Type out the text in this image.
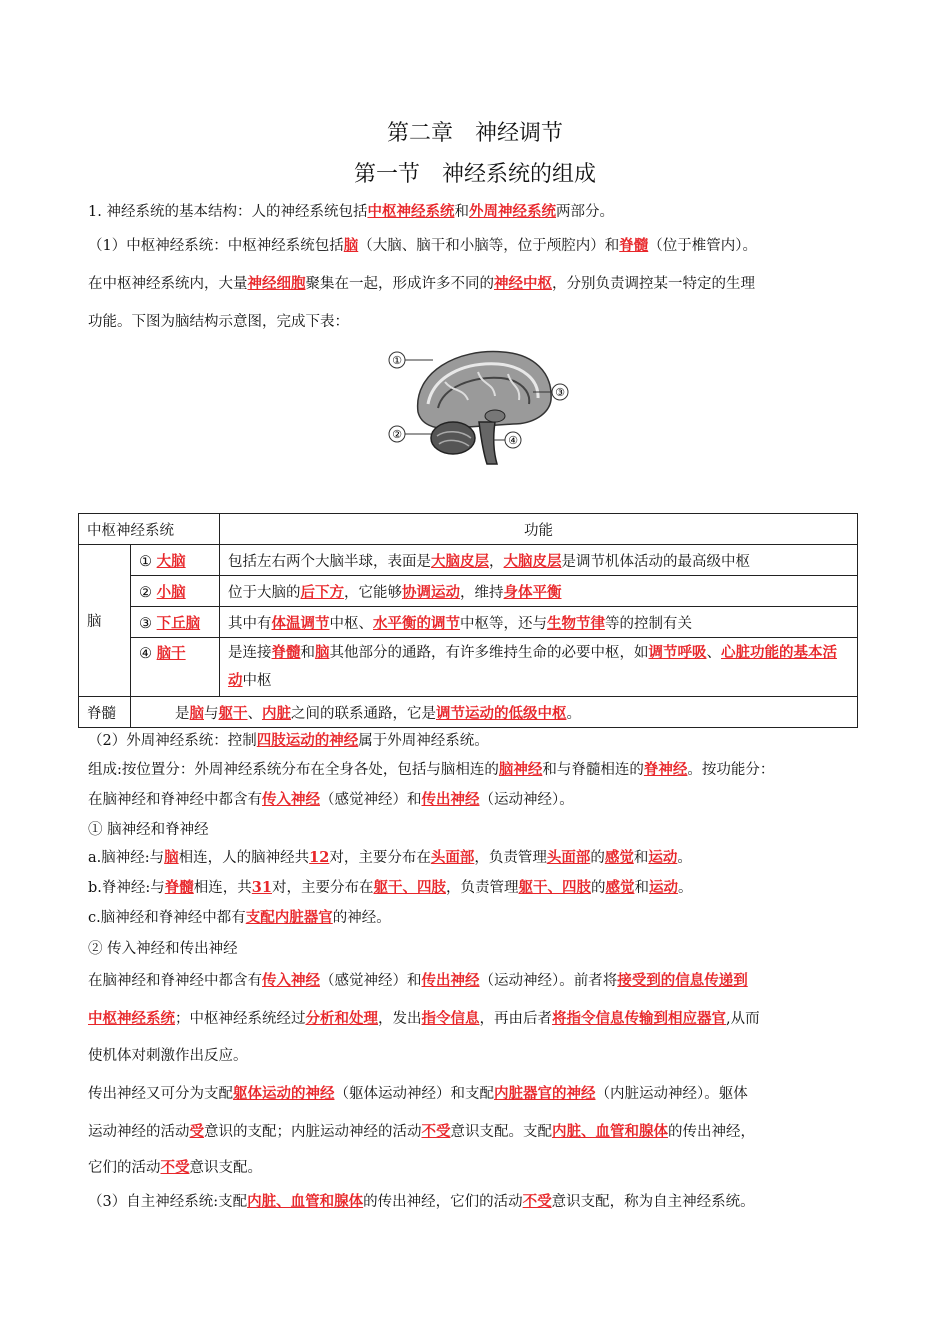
第二章　神经调节
第一节　神经系统的组成
1. 神经系统的基本结构：人的神经系统包括中枢神经系统和外周神经系统两部分。
（1）中枢神经系统：中枢神经系统包括脑（大脑、脑干和小脑等，位于颅腔内）和脊髓（位于椎管内）。
在中枢神经系统内，大量神经细胞聚集在一起，形成许多不同的神经中枢，分别负责调控某一特定的生理
功能。下图为脑结构示意图，完成下表：
①
②
③
④
中枢神经系统		功能
脑	① 大脑	包括左右两个大脑半球，表面是大脑皮层，大脑皮层是调节机体活动的最高级中枢
	② 小脑	位于大脑的后下方，它能够协调运动，维持身体平衡
	③ 下丘脑	其中有体温调节中枢、水平衡的调节中枢等，还与生物节律等的控制有关
	④ 脑干	是连接脊髓和脑其他部分的通路，有许多维持生命的必要中枢，如调节呼吸、心脏功能的基本活动中枢
脊髓	是脑与躯干、内脏之间的联系通路，它是调节运动的低级中枢。	
（2）外周神经系统：控制四肢运动的神经属于外周神经系统。
组成:按位置分：外周神经系统分布在全身各处，包括与脑相连的脑神经和与脊髓相连的脊神经。按功能分：
在脑神经和脊神经中都含有传入神经（感觉神经）和传出神经（运动神经）。
① 脑神经和脊神经
a.脑神经:与脑相连，人的脑神经共12对，主要分布在头面部，负责管理头面部的感觉和运动。
b.脊神经:与脊髓相连，共31对，主要分布在躯干、四肢，负责管理躯干、四肢的感觉和运动。
c.脑神经和脊神经中都有支配内脏器官的神经。
② 传入神经和传出神经
在脑神经和脊神经中都含有传入神经（感觉神经）和传出神经（运动神经）。前者将接受到的信息传递到
中枢神经系统；中枢神经系统经过分析和处理，发出指令信息，再由后者将指令信息传输到相应器官,从而
使机体对刺激作出反应。
传出神经又可分为支配躯体运动的神经（躯体运动神经）和支配内脏器官的神经（内脏运动神经）。躯体
运动神经的活动受意识的支配；内脏运动神经的活动不受意识支配。支配内脏、血管和腺体的传出神经，
它们的活动不受意识支配。
（3）自主神经系统:支配内脏、血管和腺体的传出神经，它们的活动不受意识支配，称为自主神经系统。
